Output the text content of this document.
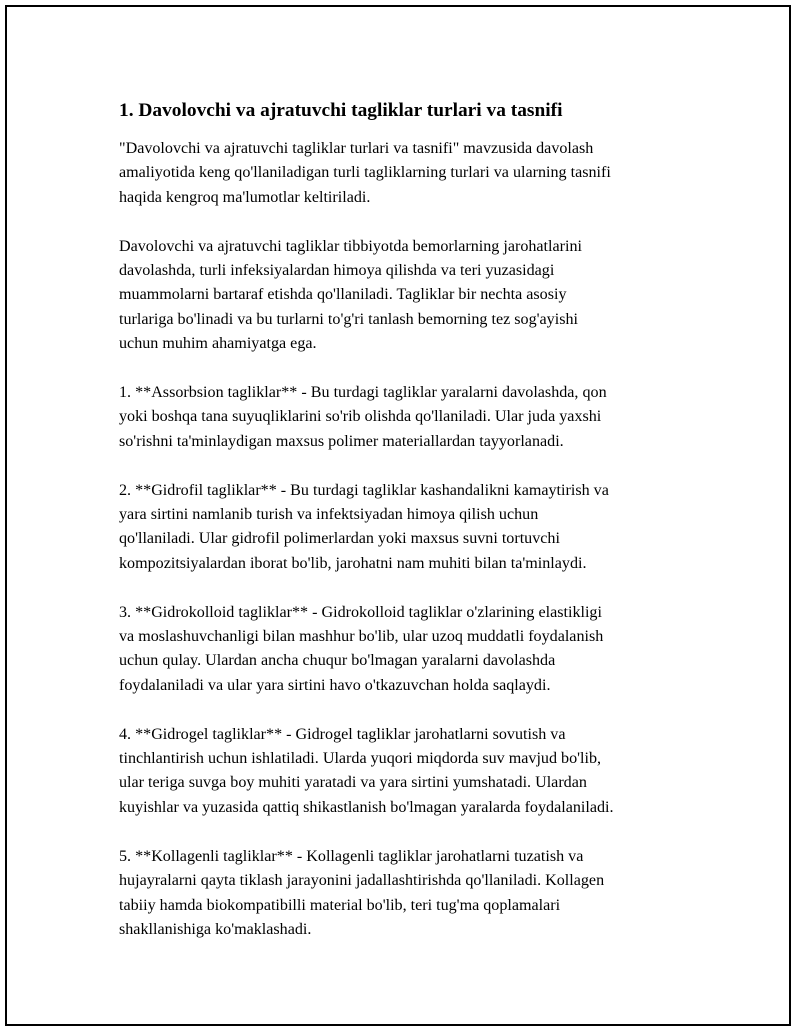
1. Davolovchi va ajratuvchi tagliklar turlari va tasnifi
"Davolovchi va ajratuvchi tagliklar turlari va tasnifi" mavzusida davolash
amaliyotida keng qo'llaniladigan turli tagliklarning turlari va ularning tasnifi
haqida kengroq ma'lumotlar keltiriladi.
Davolovchi va ajratuvchi tagliklar tibbiyotda bemorlarning jarohatlarini
davolashda, turli infeksiyalardan himoya qilishda va teri yuzasidagi
muammolarni bartaraf etishda qo'llaniladi. Tagliklar bir nechta asosiy
turlariga bo'linadi va bu turlarni to'g'ri tanlash bemorning tez sog'ayishi
uchun muhim ahamiyatga ega.
1. **Assorbsion tagliklar** - Bu turdagi tagliklar yaralarni davolashda, qon
yoki boshqa tana suyuqliklarini so'rib olishda qo'llaniladi. Ular juda yaxshi
so'rishni ta'minlaydigan maxsus polimer materiallardan tayyorlanadi.
2. **Gidrofil tagliklar** - Bu turdagi tagliklar kashandalikni kamaytirish va
yara sirtini namlanib turish va infektsiyadan himoya qilish uchun
qo'llaniladi. Ular gidrofil polimerlardan yoki maxsus suvni tortuvchi
kompozitsiyalardan iborat bo'lib, jarohatni nam muhiti bilan ta'minlaydi.
3. **Gidrokolloid tagliklar** - Gidrokolloid tagliklar o'zlarining elastikligi
va moslashuvchanligi bilan mashhur bo'lib, ular uzoq muddatli foydalanish
uchun qulay. Ulardan ancha chuqur bo'lmagan yaralarni davolashda
foydalaniladi va ular yara sirtini havo o'tkazuvchan holda saqlaydi.
4. **Gidrogel tagliklar** - Gidrogel tagliklar jarohatlarni sovutish va
tinchlantirish uchun ishlatiladi. Ularda yuqori miqdorda suv mavjud bo'lib,
ular teriga suvga boy muhiti yaratadi va yara sirtini yumshatadi. Ulardan
kuyishlar va yuzasida qattiq shikastlanish bo'lmagan yaralarda foydalaniladi.
5. **Kollagenli tagliklar** - Kollagenli tagliklar jarohatlarni tuzatish va
hujayralarni qayta tiklash jarayonini jadallashtirishda qo'llaniladi. Kollagen
tabiiy hamda biokompatibilli material bo'lib, teri tug'ma qoplamalari
shakllanishiga ko'maklashadi.
